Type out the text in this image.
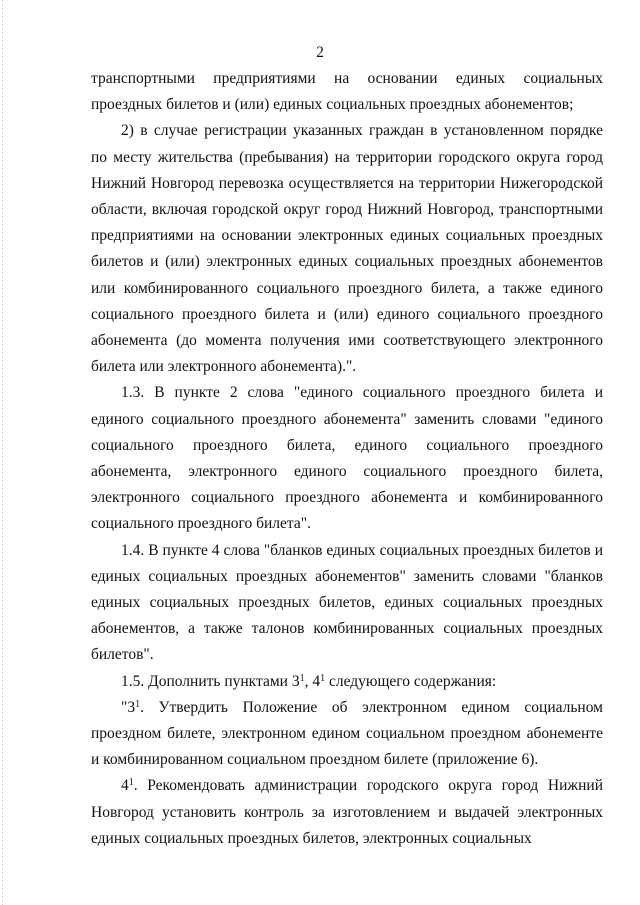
2

транспортными предприятиями на основании единых социальных проездных билетов и (или) единых социальных проездных абонементов;

2) в случае регистрации указанных граждан в установленном порядке по месту жительства (пребывания) на территории городского округа город Нижний Новгород перевозка осуществляется на территории Нижегородской области, включая городской округ город Нижний Новгород, транспортными предприятиями на основании электронных единых социальных проездных билетов и (или) электронных единых социальных проездных абонементов или комбинированного социального проездного билета, а также единого социального проездного билета и (или) единого социального проездного абонемента (до момента получения ими соответствующего электронного билета или электронного абонемента).".

1.3. В пункте 2 слова "единого социального проездного билета и единого социального проездного абонемента" заменить словами "единого социального проездного билета, единого социального проездного абонемента, электронного единого социального проездного билета, электронного социального проездного абонемента и комбинированного социального проездного билета".

1.4. В пункте 4 слова "бланков единых социальных проездных билетов и единых социальных проездных абонементов" заменить словами "бланков единых социальных проездных билетов, единых социальных проездных абонементов, а также талонов комбинированных социальных проездных билетов".

1.5. Дополнить пунктами $3^1$, $4^1$ следующего содержания:

"$3^1$. Утвердить Положение об электронном едином социальном проездном билете, электронном едином социальном проездном абонементе и комбинированном социальном проездном билете (приложение 6).

$4^1$. Рекомендовать администрации городского округа город Нижний Новгород установить контроль за изготовлением и выдачей электронных единых социальных проездных билетов, электронных социальных
